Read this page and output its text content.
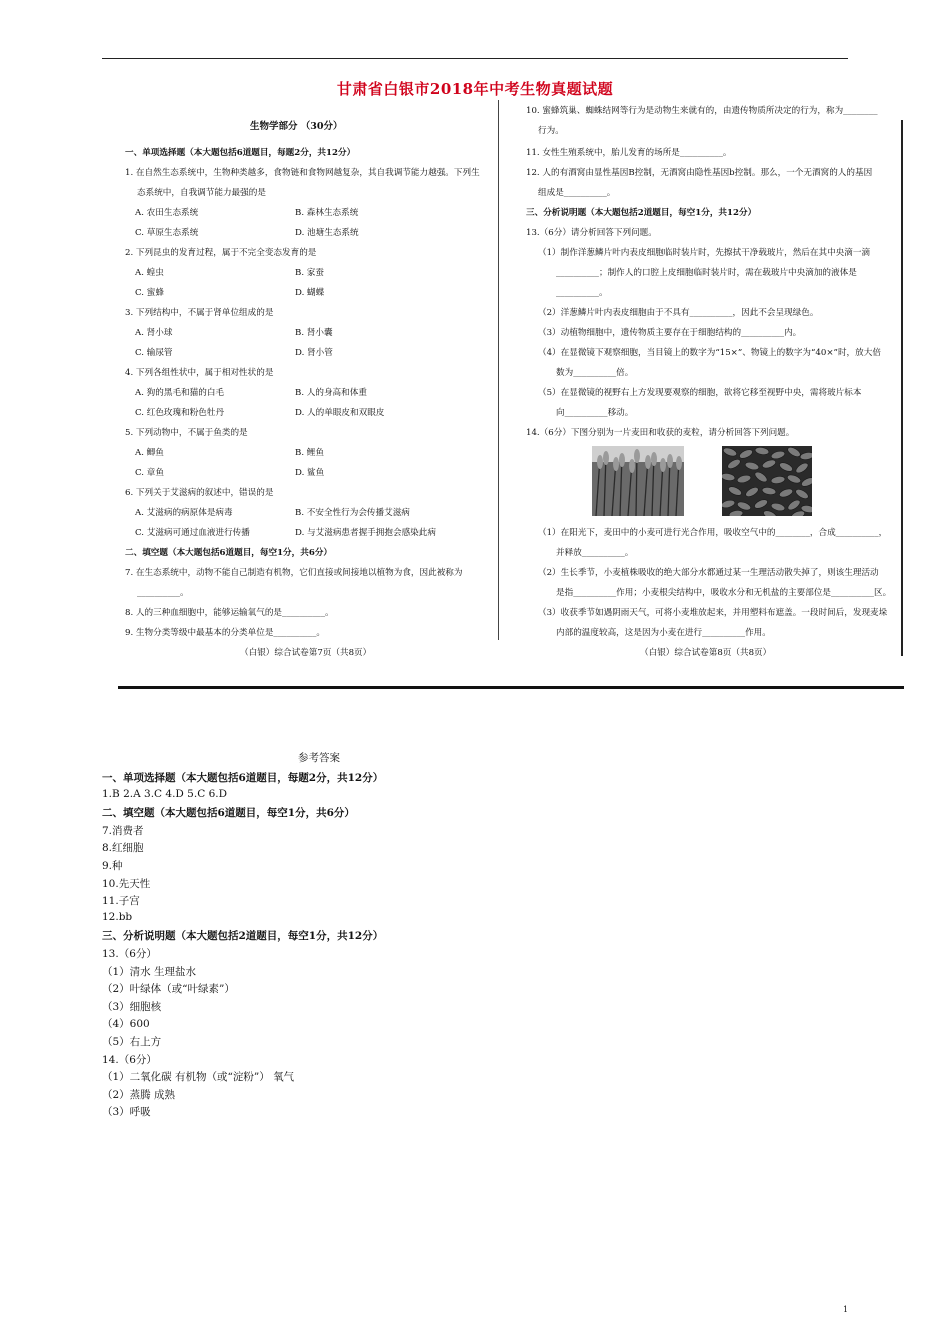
甘肃省白银市2018年中考生物真题试题
生物学部分 （30分）
一、单项选择题（本大题包括6道题目，每题2分，共12分）
1. 在自然生态系统中，生物种类越多，食物链和食物网越复杂，其自我调节能力越强。下列生
态系统中，自我调节能力最强的是
A. 农田生态系统	B. 森林生态系统
C. 草原生态系统	D. 池塘生态系统
2. 下列昆虫的发育过程，属于不完全变态发育的是
A. 蝗虫	B. 家蚕
C. 蜜蜂	D. 蝴蝶
3. 下列结构中，不属于肾单位组成的是
A. 肾小球	B. 肾小囊
C. 输尿管	D. 肾小管
4. 下列各组性状中，属于相对性状的是
A. 狗的黑毛和猫的白毛	B. 人的身高和体重
C. 红色玫瑰和粉色牡丹	D. 人的单眼皮和双眼皮
5. 下列动物中，不属于鱼类的是
A. 鲫鱼	B. 鲤鱼
C. 章鱼	D. 鲨鱼
6. 下列关于艾滋病的叙述中，错误的是
A. 艾滋病的病原体是病毒	B. 不安全性行为会传播艾滋病
C. 艾滋病可通过血液进行传播	D. 与艾滋病患者握手拥抱会感染此病
二、填空题（本大题包括6道题目，每空1分，共6分）
7. 在生态系统中，动物不能自己制造有机物，它们直接或间接地以植物为食，因此被称为
__________。
8. 人的三种血细胞中，能够运输氧气的是__________。
9. 生物分类等级中最基本的分类单位是__________。
10. 蜜蜂筑巢、蜘蛛结网等行为是动物生来就有的，由遗传物质所决定的行为，称为________
行为。
11. 女性生殖系统中，胎儿发育的场所是__________。
12. 人的有酒窝由显性基因B控制，无酒窝由隐性基因b控制。那么，一个无酒窝的人的基因
组成是__________。
三、分析说明题（本大题包括2道题目，每空1分，共12分）
13.（6分）请分析回答下列问题。
（1）制作洋葱鳞片叶内表皮细胞临时装片时，先擦拭干净载玻片，然后在其中央滴一滴
__________；制作人的口腔上皮细胞临时装片时，需在载玻片中央滴加的液体是
__________。
（2）洋葱鳞片叶内表皮细胞由于不具有__________，因此不会呈现绿色。
（3）动植物细胞中，遗传物质主要存在于细胞结构的__________内。
（4）在显微镜下观察细胞，当目镜上的数字为“15×”、物镜上的数字为“40×”时，放大倍
数为__________倍。
（5）在显微镜的视野右上方发现要观察的细胞，欲将它移至视野中央，需将玻片标本
向__________移动。
14.（6分）下图分别为一片麦田和收获的麦粒，请分析回答下列问题。
（1）在阳光下，麦田中的小麦可进行光合作用，吸收空气中的________，合成__________，
并释放__________。
（2）生长季节，小麦植株吸收的绝大部分水都通过某一生理活动散失掉了，则该生理活动
是指__________作用；小麦根尖结构中，吸收水分和无机盐的主要部位是__________区。
（3）收获季节如遇阴雨天气，可将小麦堆放起来，并用塑料布遮盖。一段时间后，发现麦垛
内部的温度较高，这是因为小麦在进行__________作用。
（白银）综合试卷第7页（共8页）	（白银）综合试卷第8页（共8页）
参考答案
一、单项选择题（本大题包括6道题目，每题2分，共12分）
1.B 2.A 3.C 4.D 5.C 6.D
二、填空题（本大题包括6道题目，每空1分，共6分）
7.消费者
8.红细胞
9.种
10.先天性
11.子宫
12.bb
三、分析说明题（本大题包括2道题目，每空1分，共12分）
13.（6分）
（1）清水 生理盐水
（2）叶绿体（或“叶绿素”）
（3）细胞核
（4）600
（5）右上方
14.（6分）
（1）二氧化碳 有机物（或“淀粉”） 氧气
（2）蒸腾 成熟
（3）呼吸
1
